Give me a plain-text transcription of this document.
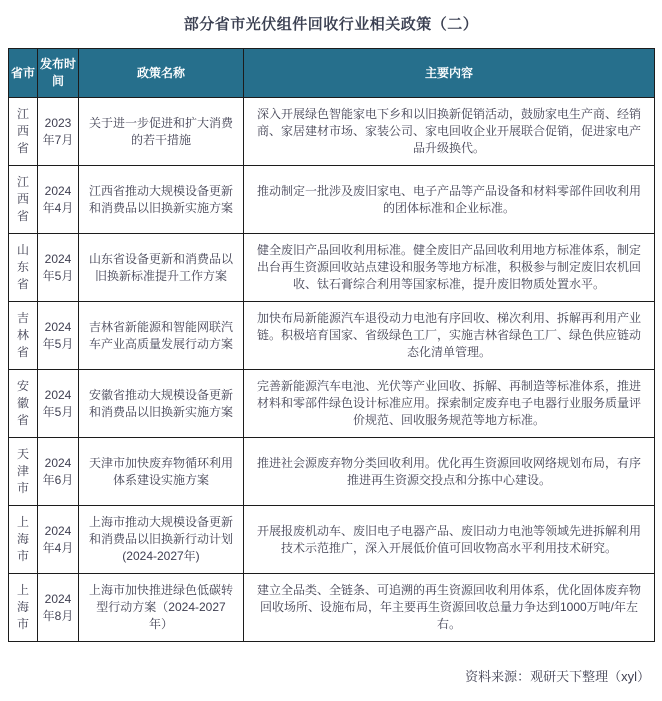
部分省市光伏组件回收行业相关政策（二）
省市	发布时间	政策名称	主要内容
江西省	2023年7月	关于进一步促进和扩大消费的若干措施	深入开展绿色智能家电下乡和以旧换新促销活动，鼓励家电生产商、经销商、家居建材市场、家装公司、家电回收企业开展联合促销，促进家电产品升级换代。
江西省	2024年4月	江西省推动大规模设备更新和消费品以旧换新实施方案	推动制定一批涉及废旧家电、电子产品等产品设备和材料零部件回收利用的团体标准和企业标准。
山东省	2024年5月	山东省设备更新和消费品以旧换新标准提升工作方案	健全废旧产品回收利用标准。健全废旧产品回收利用地方标准体系，制定出台再生资源回收站点建设和服务等地方标准，积极参与制定废旧农机回收、钛石膏综合利用等国家标准，提升废旧物质处置水平。
吉林省	2024年5月	吉林省新能源和智能网联汽车产业高质量发展行动方案	加快布局新能源汽车退役动力电池有序回收、梯次利用、拆解再利用产业链。积极培育国家、省级绿色工厂，实施吉林省绿色工厂、绿色供应链动态化清单管理。
安徽省	2024年5月	安徽省推动大规模设备更新和消费品以旧换新实施方案	完善新能源汽车电池、光伏等产业回收、拆解、再制造等标准体系，推进材料和零部件绿色设计标准应用。探索制定废弃电子电器行业服务质量评价规范、回收服务规范等地方标准。
天津市	2024年6月	天津市加快废弃物循环利用体系建设实施方案	推进社会源废弃物分类回收利用。优化再生资源回收网络规划布局，有序推进再生资源交投点和分拣中心建设。
上海市	2024年4月	上海市推动大规模设备更新和消费品以旧换新行动计划(2024-2027年)	开展报废机动车、废旧电子电器产品、废旧动力电池等领域先进拆解利用技术示范推广，深入开展低价值可回收物高水平利用技术研究。
上海市	2024年8月	上海市加快推进绿色低碳转型行动方案（2024-2027年）	建立全品类、全链条、可追溯的再生资源回收利用体系，优化固体废弃物回收场所、设施布局，年主要再生资源回收总量力争达到1000万吨/年左右。
资料来源：观研天下整理（xyl）
